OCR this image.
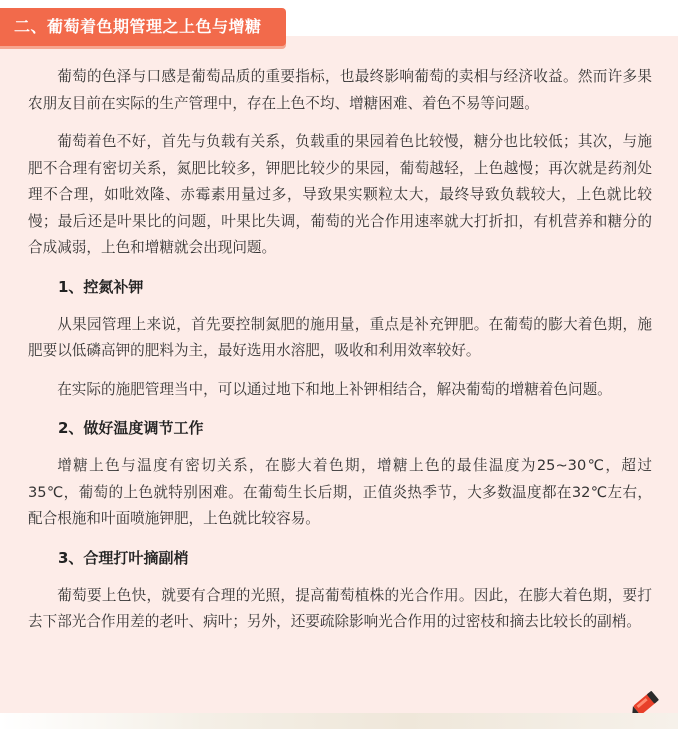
二、葡萄着色期管理之上色与增糖

葡萄的色泽与口感是葡萄品质的重要指标，也最终影响葡萄的卖相与经济收益。然而许多果农朋友目前在实际的生产管理中，存在上色不均、增糖困难、着色不易等问题。

葡萄着色不好，首先与负载有关系，负载重的果园着色比较慢，糖分也比较低；其次，与施肥不合理有密切关系，氮肥比较多，钾肥比较少的果园，葡萄越轻，上色越慢；再次就是药剂处理不合理，如吡效隆、赤霉素用量过多，导致果实颗粒太大，最终导致负载较大，上色就比较慢；最后还是叶果比的问题，叶果比失调，葡萄的光合作用速率就大打折扣，有机营养和糖分的合成减弱，上色和增糖就会出现问题。

1、控氮补钾

从果园管理上来说，首先要控制氮肥的施用量，重点是补充钾肥。在葡萄的膨大着色期，施肥要以低磷高钾的肥料为主，最好选用水溶肥，吸收和利用效率较好。

在实际的施肥管理当中，可以通过地下和地上补钾相结合，解决葡萄的增糖着色问题。

2、做好温度调节工作

增糖上色与温度有密切关系，在膨大着色期，增糖上色的最佳温度为25~30℃，超过35℃，葡萄的上色就特别困难。在葡萄生长后期，正值炎热季节，大多数温度都在32℃左右，配合根施和叶面喷施钾肥，上色就比较容易。

3、合理打叶摘副梢

葡萄要上色快，就要有合理的光照，提高葡萄植株的光合作用。因此，在膨大着色期，要打去下部光合作用差的老叶、病叶；另外，还要疏除影响光合作用的过密枝和摘去比较长的副梢。
